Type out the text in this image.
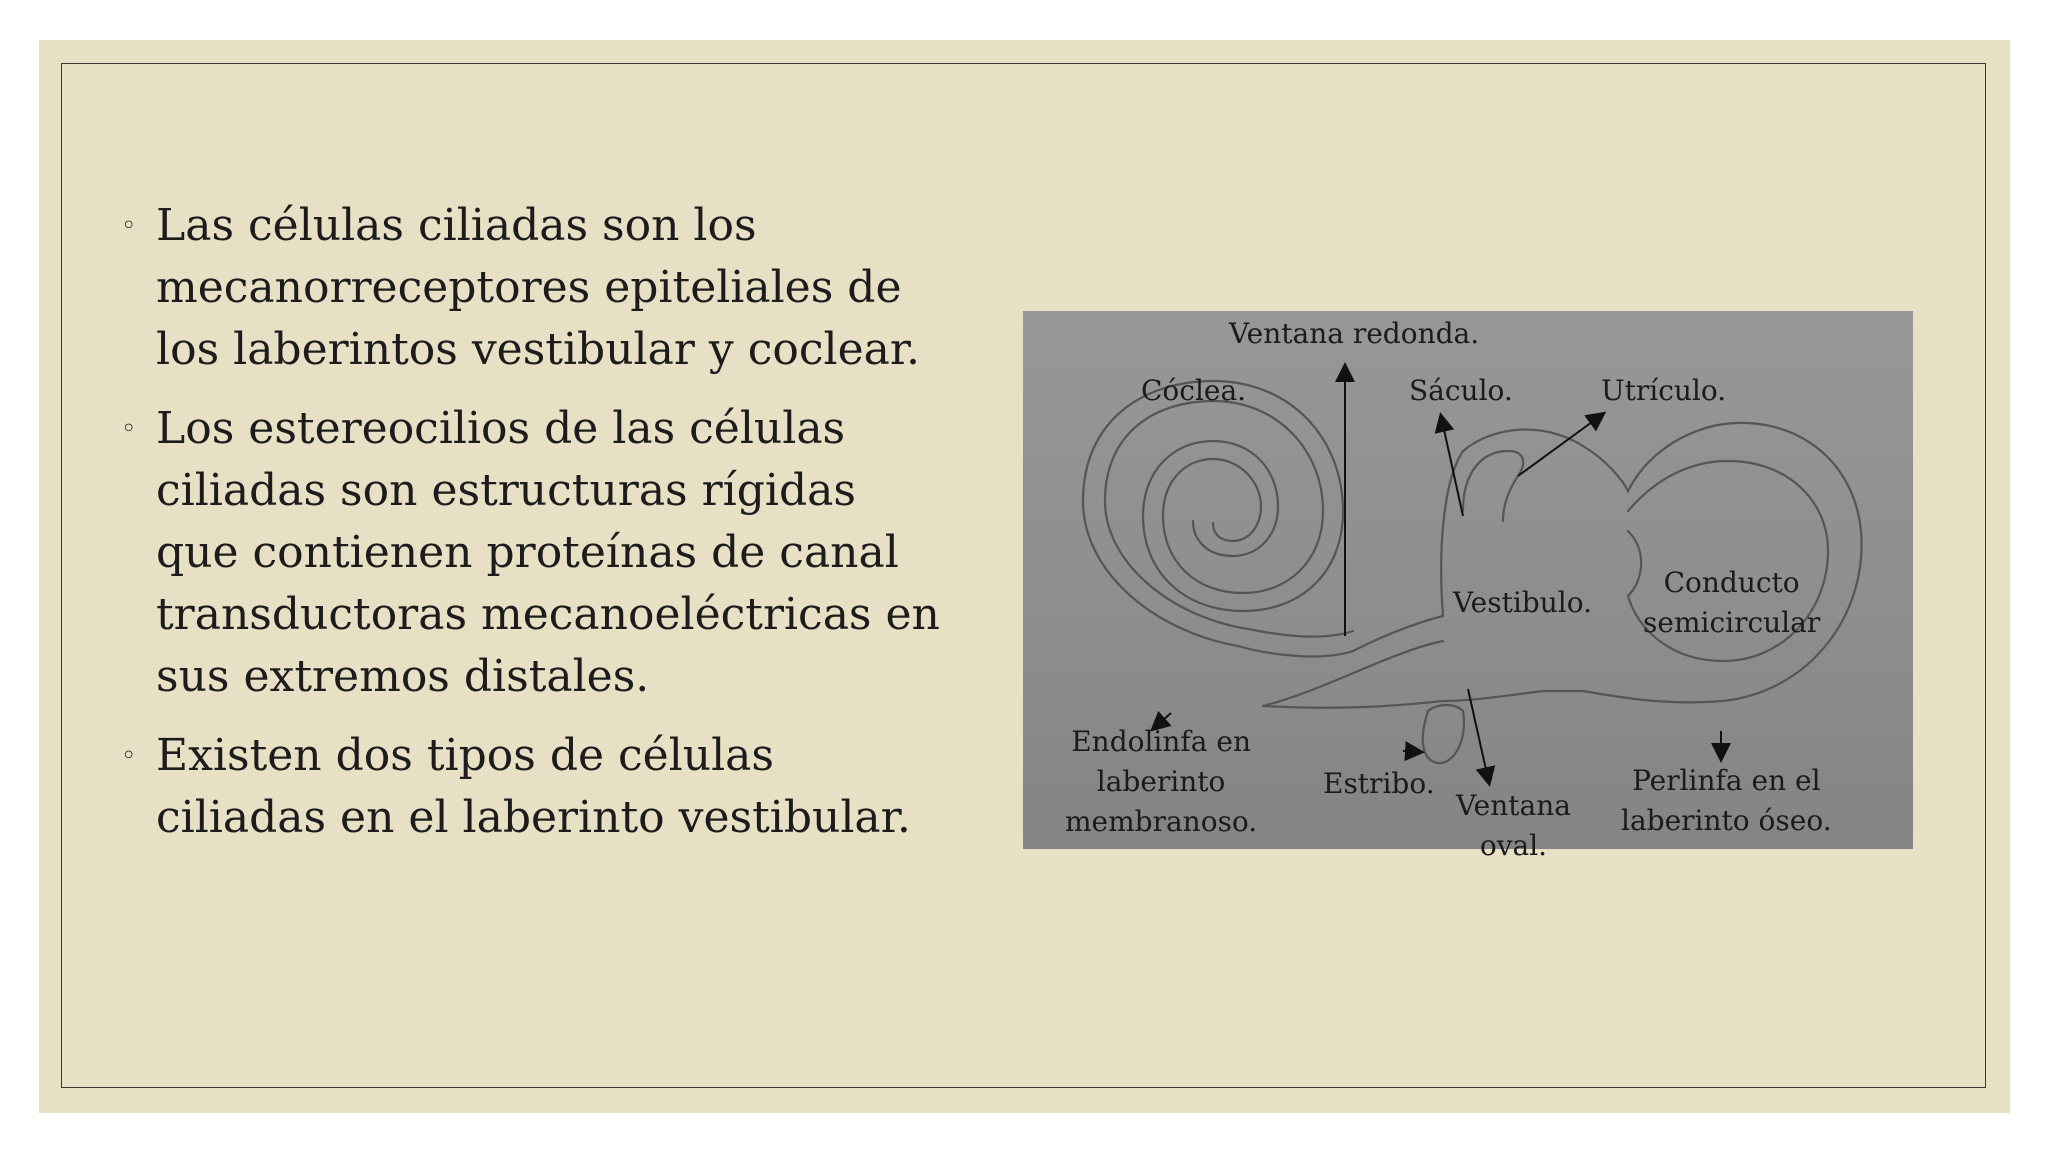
◦ Las células ciliadas son los mecanorreceptores epiteliales de los laberintos vestibular y coclear.
◦ Los estereocilios de las células ciliadas son estructuras rígidas que contienen proteínas de canal transductoras mecanoeléctricas en sus extremos distales.
◦ Existen dos tipos de células ciliadas en el laberinto vestibular.
Ventana redonda.
Cóclea.	Sáculo.	Utrículo.
Vestibulo.
Conducto
semicircular
Endolinfa en
laberinto
membranoso.
Estribo.
Ventana
oval.
Perlinfa en el
laberinto óseo.
